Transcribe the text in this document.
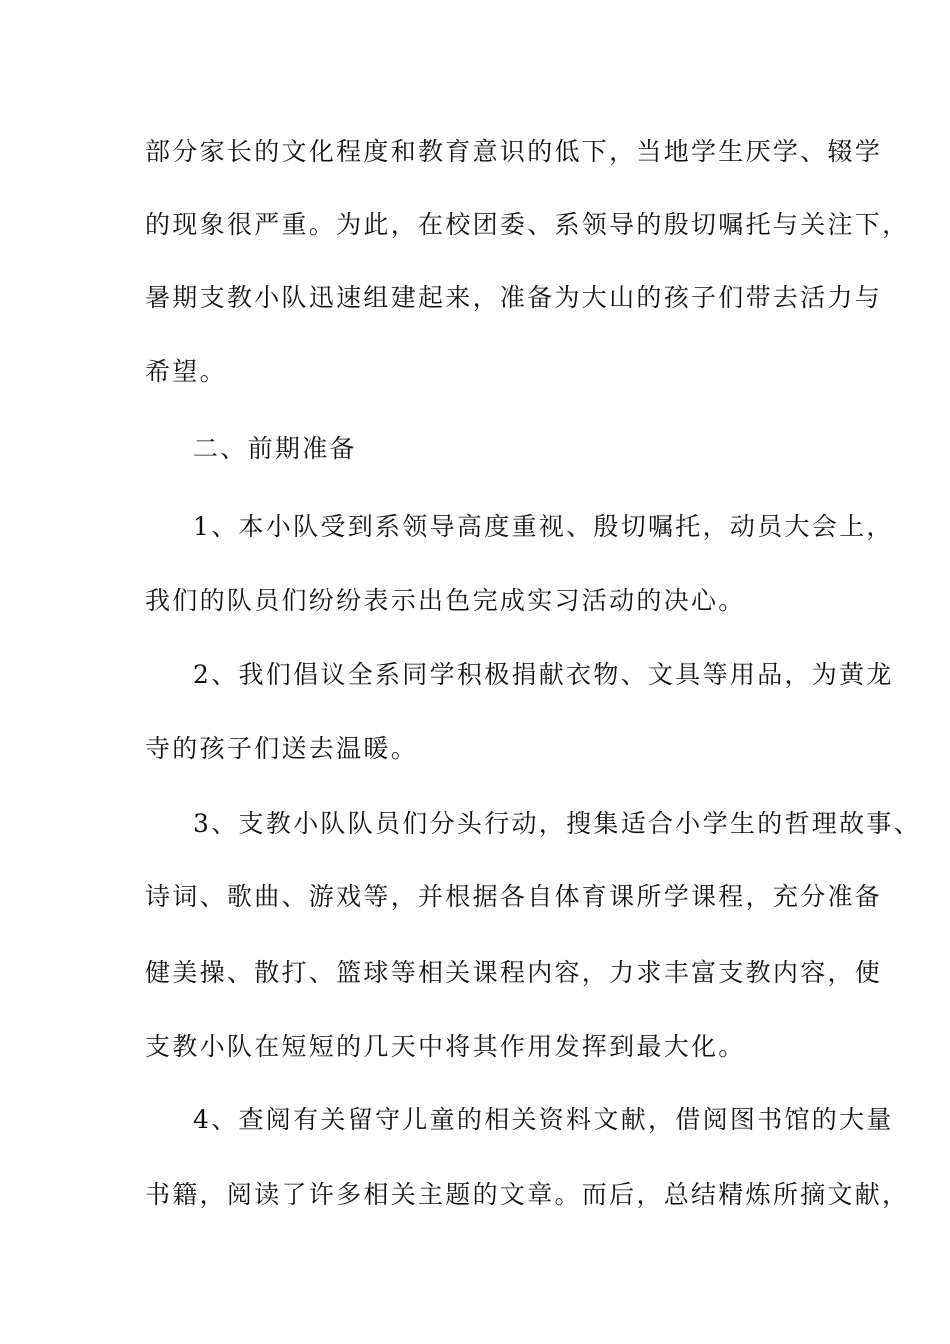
部分家长的文化程度和教育意识的低下，当地学生厌学、辍学
的现象很严重。为此，在校团委、系领导的殷切嘱托与关注下，
暑期支教小队迅速组建起来，准备为大山的孩子们带去活力与
希望。
二、前期准备
1、本小队受到系领导高度重视、殷切嘱托，动员大会上，
我们的队员们纷纷表示出色完成实习活动的决心。
2、我们倡议全系同学积极捐献衣物、文具等用品，为黄龙
寺的孩子们送去温暖。
3、支教小队队员们分头行动，搜集适合小学生的哲理故事、
诗词、歌曲、游戏等，并根据各自体育课所学课程，充分准备
健美操、散打、篮球等相关课程内容，力求丰富支教内容，使
支教小队在短短的几天中将其作用发挥到最大化。
4、查阅有关留守儿童的相关资料文献，借阅图书馆的大量
书籍，阅读了许多相关主题的文章。而后，总结精炼所摘文献，
